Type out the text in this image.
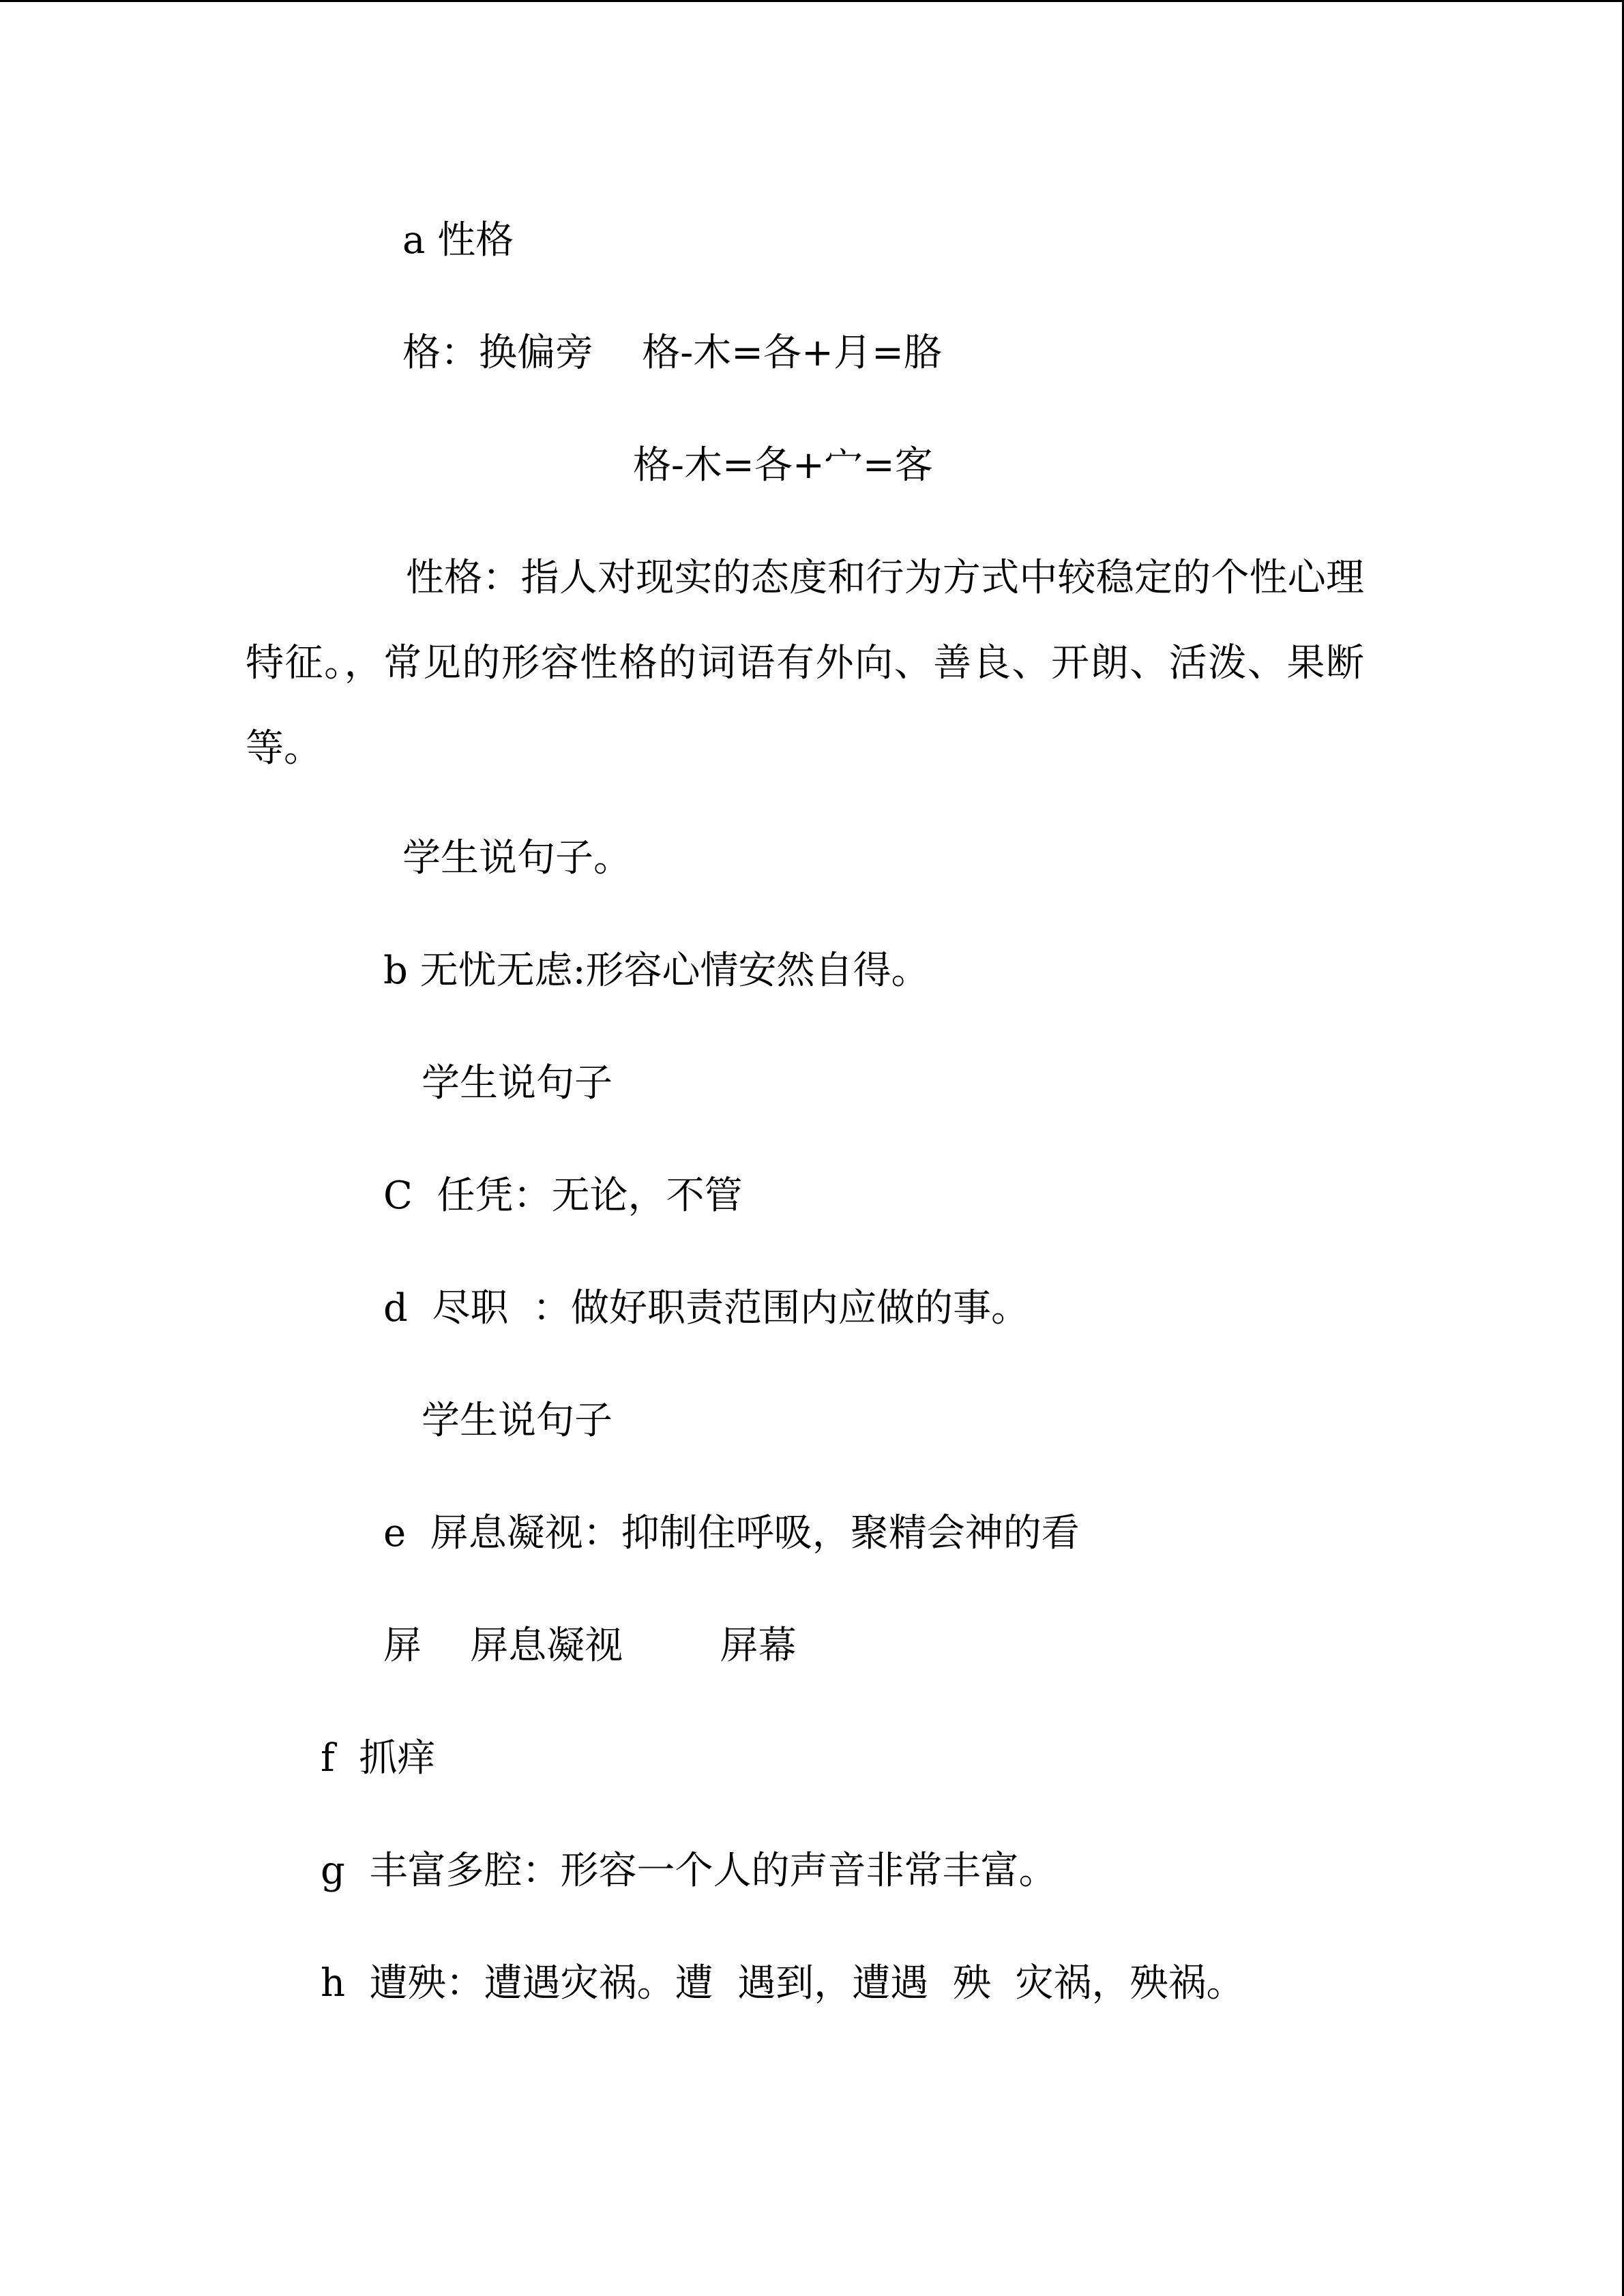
a 性格
格：换偏旁    格-木=各+月=胳
格-木=各+宀=客
性格：指人对现实的态度和行为方式中较稳定的个性心理特征。，常见的形容性格的词语有外向、善良、开朗、活泼、果断等。
学生说句子。
b 无忧无虑:形容心情安然自得。
学生说句子
C  任凭：无论，不管
d  尽职  ：做好职责范围内应做的事。
学生说句子
e  屏息凝视：抑制住呼吸，聚精会神的看
屏    屏息凝视        屏幕
f  抓痒
g  丰富多腔：形容一个人的声音非常丰富。
h  遭殃：遭遇灾祸。遭  遇到，遭遇  殃  灾祸，殃祸。
